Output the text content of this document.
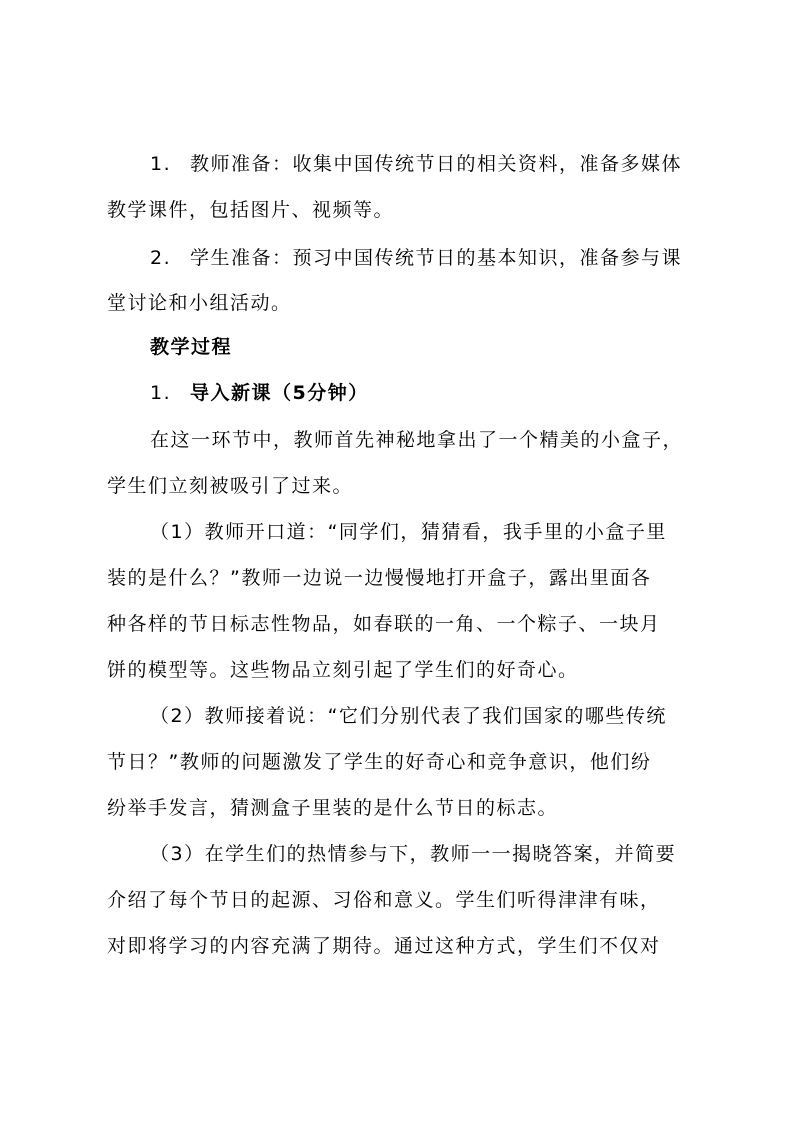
1. 教师准备：收集中国传统节日的相关资料，准备多媒体
教学课件，包括图片、视频等。
2. 学生准备：预习中国传统节日的基本知识，准备参与课
堂讨论和小组活动。
教学过程
1. 导入新课（5分钟）
在这一环节中，教师首先神秘地拿出了一个精美的小盒子，
学生们立刻被吸引了过来。
（1）教师开口道：“同学们，猜猜看，我手里的小盒子里
装的是什么？”教师一边说一边慢慢地打开盒子，露出里面各
种各样的节日标志性物品，如春联的一角、一个粽子、一块月
饼的模型等。这些物品立刻引起了学生们的好奇心。
（2）教师接着说：“它们分别代表了我们国家的哪些传统
节日？”教师的问题激发了学生的好奇心和竞争意识，他们纷
纷举手发言，猜测盒子里装的是什么节日的标志。
（3）在学生们的热情参与下，教师一一揭晓答案，并简要
介绍了每个节日的起源、习俗和意义。学生们听得津津有味，
对即将学习的内容充满了期待。通过这种方式，学生们不仅对
